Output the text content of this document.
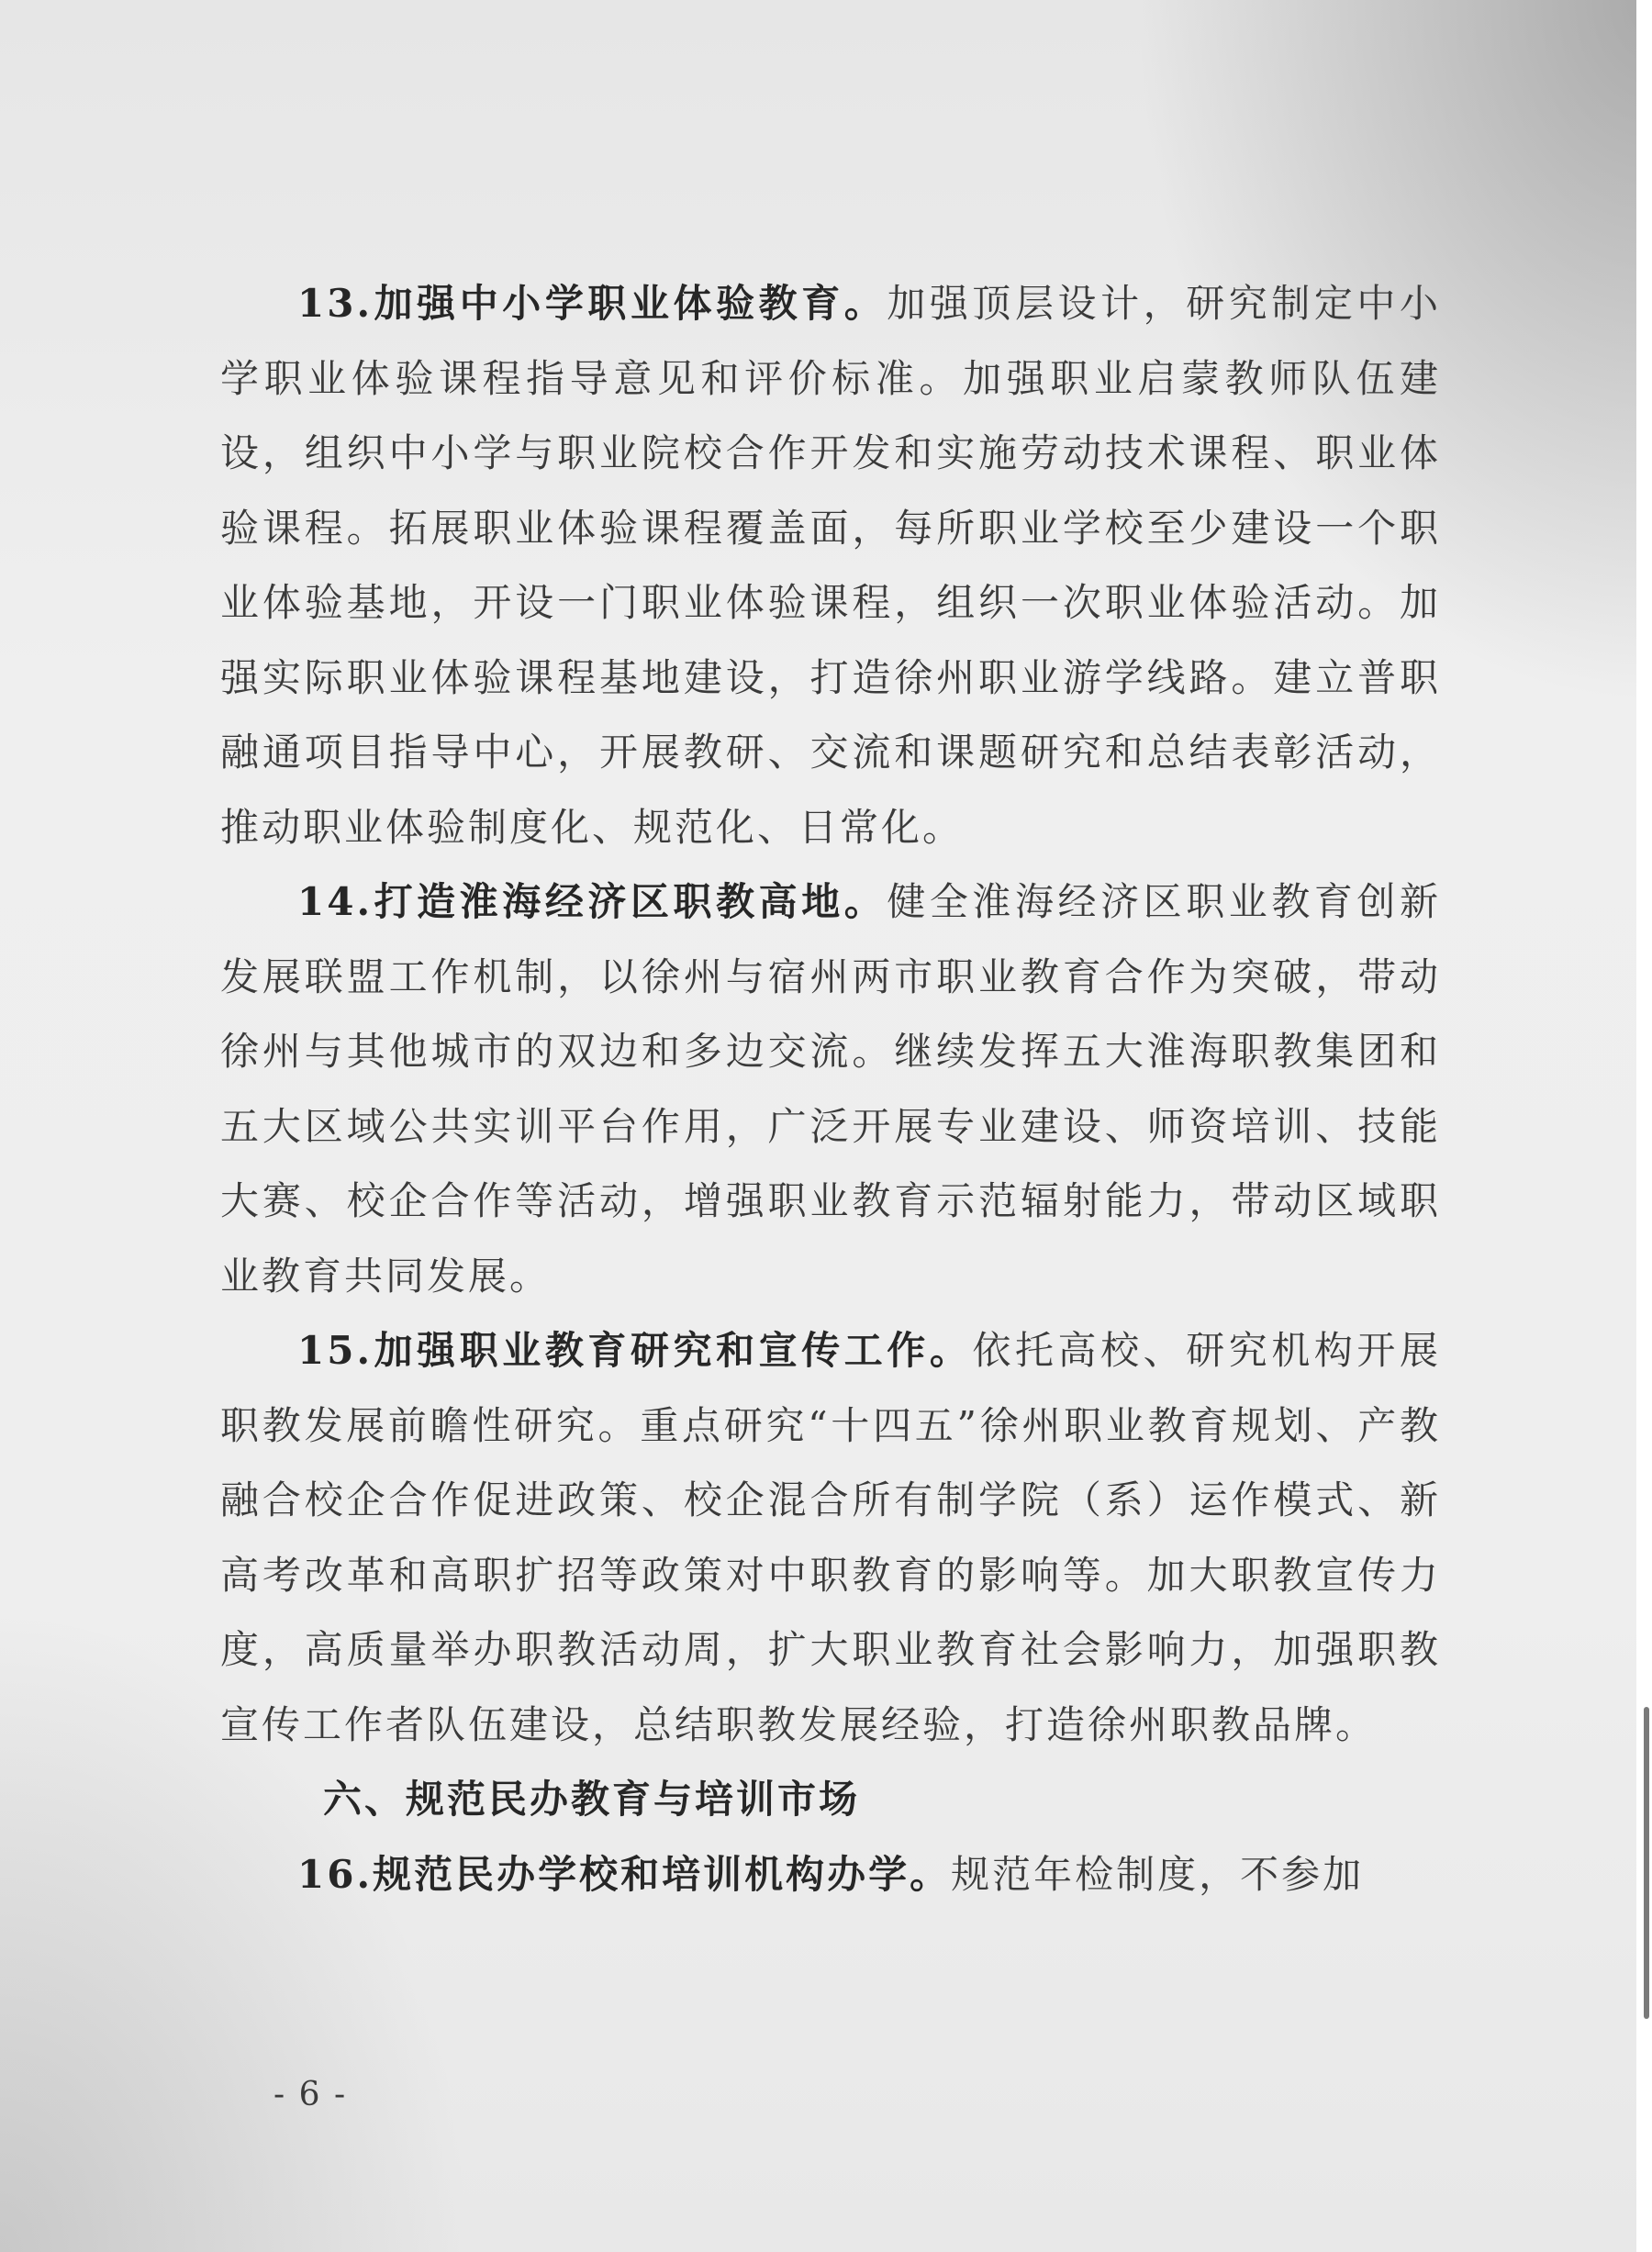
13.加强中小学职业体验教育。加强顶层设计，研究制定中小学职业体验课程指导意见和评价标准。加强职业启蒙教师队伍建设，组织中小学与职业院校合作开发和实施劳动技术课程、职业体验课程。拓展职业体验课程覆盖面，每所职业学校至少建设一个职业体验基地，开设一门职业体验课程，组织一次职业体验活动。加强实际职业体验课程基地建设，打造徐州职业游学线路。建立普职融通项目指导中心，开展教研、交流和课题研究和总结表彰活动，推动职业体验制度化、规范化、日常化。

14.打造淮海经济区职教高地。健全淮海经济区职业教育创新发展联盟工作机制，以徐州与宿州两市职业教育合作为突破，带动徐州与其他城市的双边和多边交流。继续发挥五大淮海职教集团和五大区域公共实训平台作用，广泛开展专业建设、师资培训、技能大赛、校企合作等活动，增强职业教育示范辐射能力，带动区域职业教育共同发展。

15.加强职业教育研究和宣传工作。依托高校、研究机构开展职教发展前瞻性研究。重点研究“十四五”徐州职业教育规划、产教融合校企合作促进政策、校企混合所有制学院（系）运作模式、新高考改革和高职扩招等政策对中职教育的影响等。加大职教宣传力度，高质量举办职教活动周，扩大职业教育社会影响力，加强职教宣传工作者队伍建设，总结职教发展经验，打造徐州职教品牌。

六、规范民办教育与培训市场

16.规范民办学校和培训机构办学。规范年检制度，不参加

- 6 -
